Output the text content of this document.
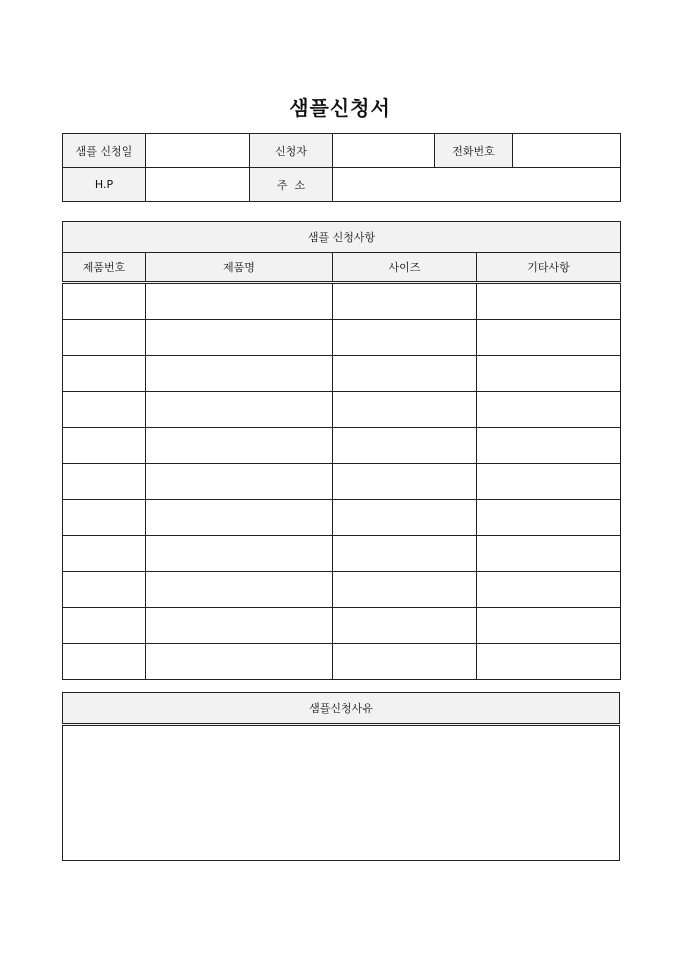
샘플신청서
샘플 신청일		신청자		전화번호	
H.P		주  소			
샘플 신청사항			
제품번호	제품명	사이즈	기타사항

샘플신청사유
